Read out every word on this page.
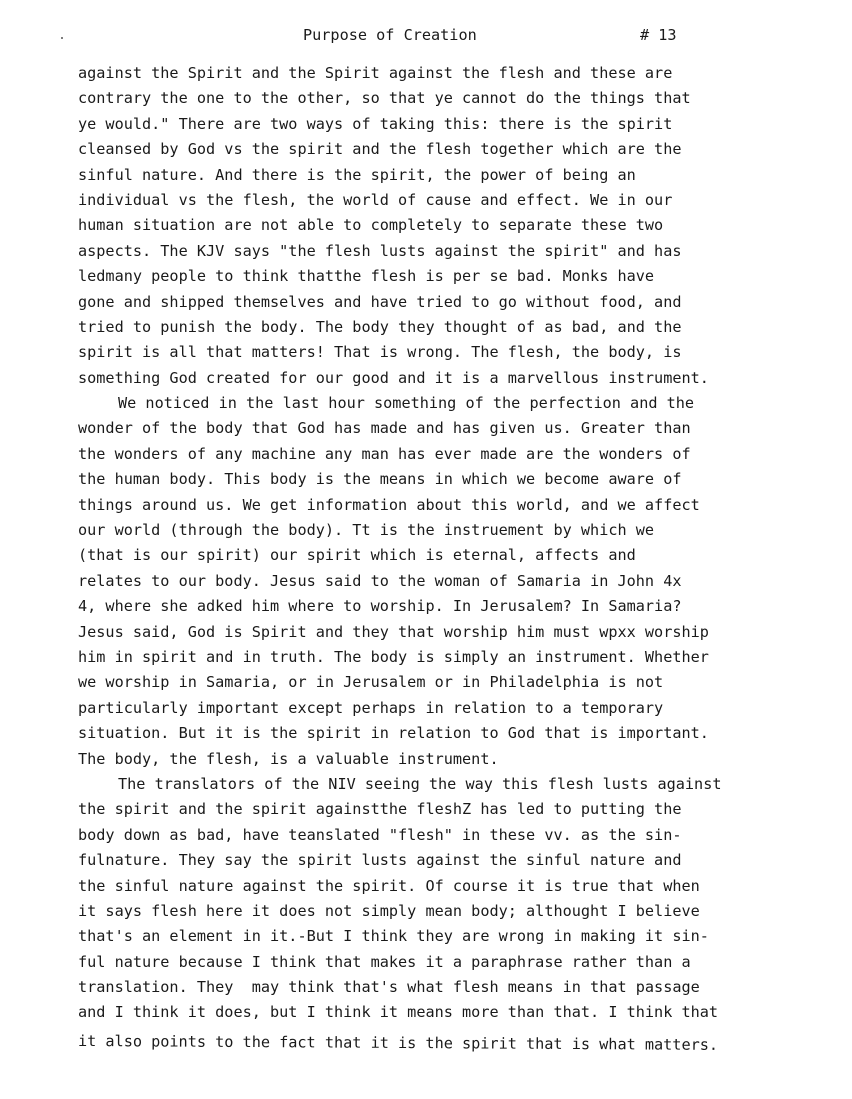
Purpose of Creation	# 13
against the Spirit and the Spirit against the flesh and these are
contrary the one to the other, so that ye cannot do the things that
ye would." There are two ways of taking this: there is the spirit
cleansed by God vs the spirit and the flesh together which are the
sinful nature. And there is the spirit, the power of being an
individual vs the flesh, the world of cause and effect. We in our
human situation are not able to completely to separate these two
aspects. The KJV says "the flesh lusts against the spirit" and has
ledmany people to think thatthe flesh is per se bad. Monks have
gone and shipped themselves and have tried to go without food, and
tried to punish the body. The body they thought of as bad, and the
spirit is all that matters! That is wrong. The flesh, the body, is
something God created for our good and it is a marvellous instrument.
We noticed in the last hour something of the perfection and the
wonder of the body that God has made and has given us. Greater than
the wonders of any machine any man has ever made are the wonders of
the human body. This body is the means in which we become aware of
things around us. We get information about this world, and we affect
our world (through the body). Tt is the instruement by which we
(that is our spirit) our spirit which is eternal, affects and
relates to our body. Jesus said to the woman of Samaria in John 4x
4, where she adked him where to worship. In Jerusalem? In Samaria?
Jesus said, God is Spirit and they that worship him must wpxx worship
him in spirit and in truth. The body is simply an instrument. Whether
we worship in Samaria, or in Jerusalem or in Philadelphia is not
particularly important except perhaps in relation to a temporary
situation. But it is the spirit in relation to God that is important.
The body, the flesh, is a valuable instrument.
The translators of the NIV seeing the way this flesh lusts against
the spirit and the spirit againstthe fleshZ has led to putting the
body down as bad, have teanslated "flesh" in these vv. as the sin-
fulnature. They say the spirit lusts against the sinful nature and
the sinful nature against the spirit. Of course it is true that when
it says flesh here it does not simply mean body; althought I believe
that's an element in it.-But I think they are wrong in making it sin-
ful nature because I think that makes it a paraphrase rather than a
translation. They  may think that's what flesh means in that passage
and I think it does, but I think it means more than that. I think that
it also points to the fact that it is the spirit that is what matters.
